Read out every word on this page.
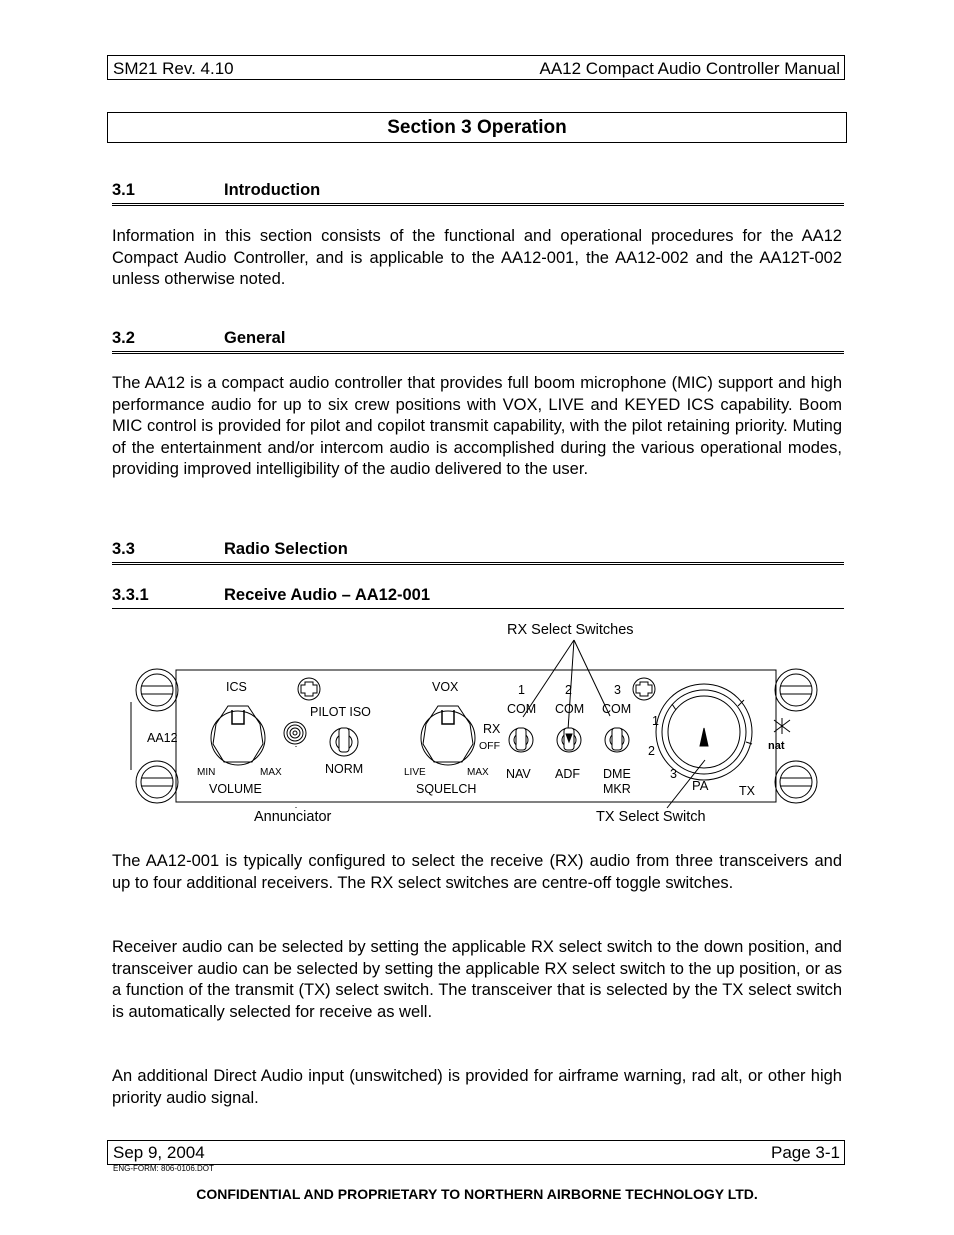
SM21 Rev. 4.10	AA12 Compact Audio Controller Manual
Section 3 Operation
3.1	Introduction
Information in this section consists of the functional and operational procedures for the AA12 Compact Audio Controller, and is applicable to the AA12-001, the AA12-002 and the AA12T-002 unless otherwise noted.
3.2	General
The AA12 is a compact audio controller that provides full boom microphone (MIC) support and high performance audio for up to six crew positions with VOX, LIVE and KEYED ICS capability. Boom MIC control is provided for pilot and copilot transmit capability, with the pilot retaining priority. Muting of the entertainment and/or intercom audio is accomplished during the various operational modes, providing improved intelligibility of the audio delivered to the user.
3.3	Radio Selection
3.3.1	Receive Audio – AA12-001
RX Select Switches
Annunciator	TX Select Switch
AA12
ICS
MIN	MAX
VOLUME
PILOT ISO
NORM
VOX
LIVE	MAX
SQUELCH
1	2	3
COM COM COM
RX
OFF
NAV ADF DME
MKR
1
2
3
PA TX
nat
The AA12-001 is typically configured to select the receive (RX) audio from three transceivers and up to four additional receivers. The RX select switches are centre-off toggle switches.
Receiver audio can be selected by setting the applicable RX select switch to the down position, and transceiver audio can be selected by setting the applicable RX select switch to the up position, or as a function of the transmit (TX) select switch. The transceiver that is selected by the TX select switch is automatically selected for receive as well.
An additional Direct Audio input (unswitched) is provided for airframe warning, rad alt, or other high priority audio signal.
Sep 9, 2004	Page 3-1
ENG-FORM: 806-0106.DOT
CONFIDENTIAL AND PROPRIETARY TO NORTHERN AIRBORNE TECHNOLOGY LTD.
